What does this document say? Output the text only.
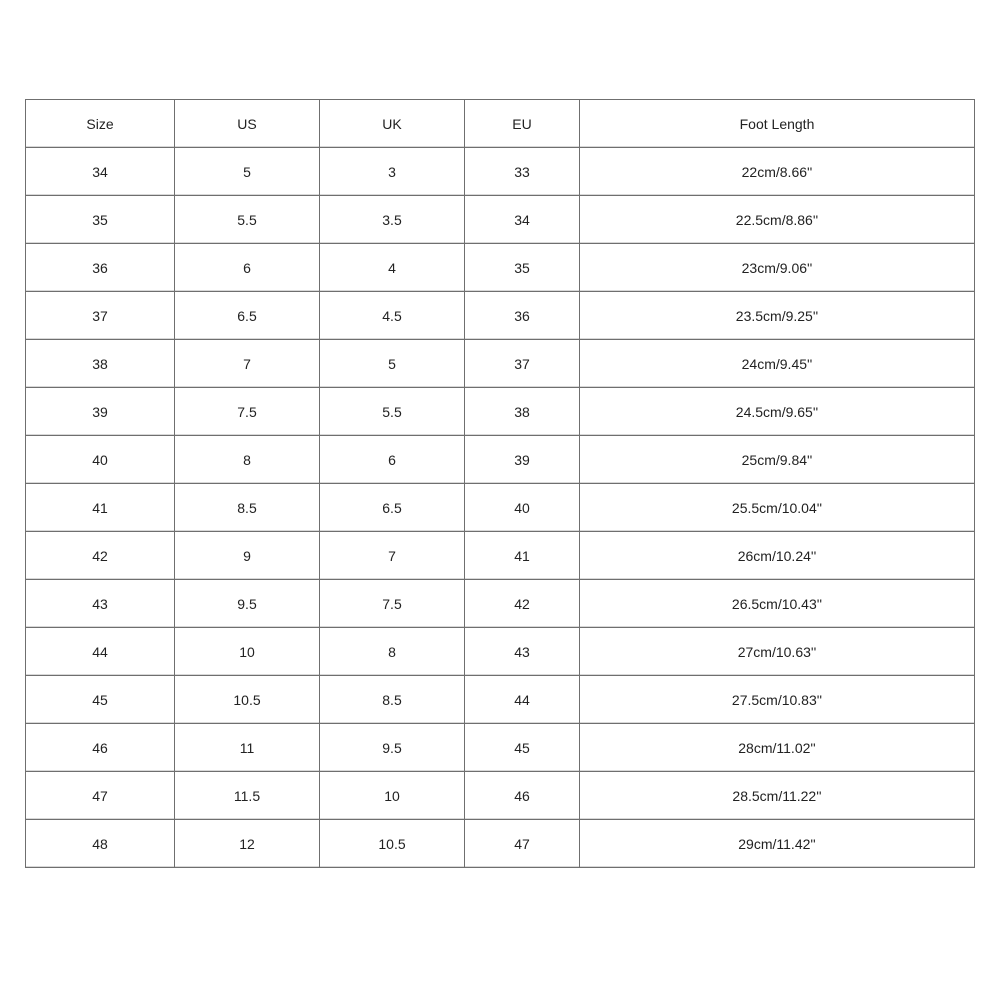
Size	US	UK	EU	Foot Length
34	5	3	33	22cm/8.66''
35	5.5	3.5	34	22.5cm/8.86''
36	6	4	35	23cm/9.06''
37	6.5	4.5	36	23.5cm/9.25''
38	7	5	37	24cm/9.45''
39	7.5	5.5	38	24.5cm/9.65''
40	8	6	39	25cm/9.84''
41	8.5	6.5	40	25.5cm/10.04''
42	9	7	41	26cm/10.24''
43	9.5	7.5	42	26.5cm/10.43''
44	10	8	43	27cm/10.63''
45	10.5	8.5	44	27.5cm/10.83''
46	11	9.5	45	28cm/11.02''
47	11.5	10	46	28.5cm/11.22''
48	12	10.5	47	29cm/11.42''
